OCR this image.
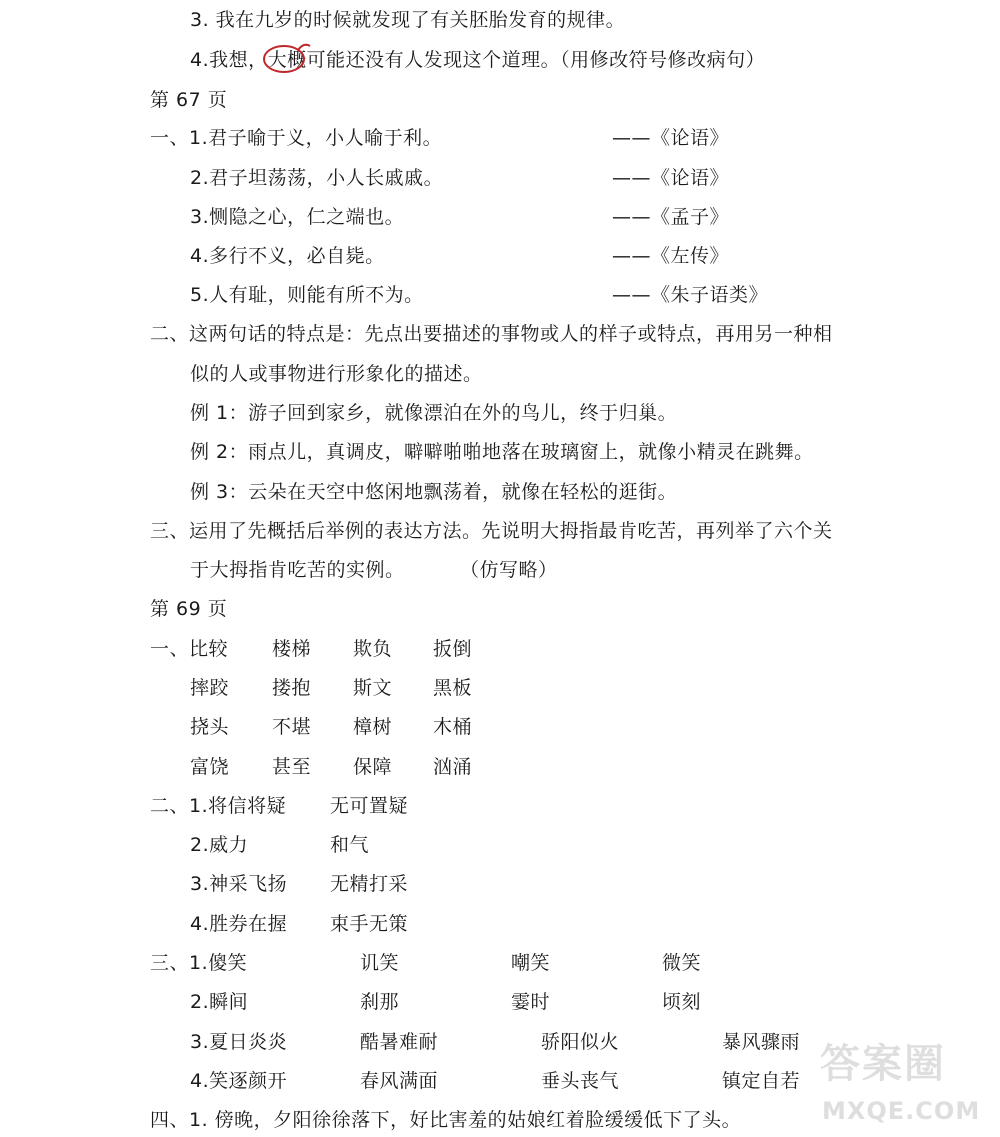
3. 我在九岁的时候就发现了有关胚胎发育的规律。
4.我想，大概
可能还没有人发现这个道理。（用修改符号修改病句）
第 67 页
一、1.君子喻于义，小人喻于利。	——《论语》
2.君子坦荡荡，小人长戚戚。	——《论语》
3.恻隐之心，仁之端也。	——《孟子》
4.多行不义，必自毙。	——《左传》
5.人有耻，则能有所不为。	——《朱子语类》
二、这两句话的特点是：先点出要描述的事物或人的样子或特点，再用另一种相
似的人或事物进行形象化的描述。
例 1：游子回到家乡，就像漂泊在外的鸟儿，终于归巢。
例 2：雨点儿，真调皮，噼噼啪啪地落在玻璃窗上，就像小精灵在跳舞。
例 3：云朵在天空中悠闲地飘荡着，就像在轻松的逛街。
三、运用了先概括后举例的表达方法。先说明大拇指最肯吃苦，再列举了六个关
于大拇指肯吃苦的实例。	（仿写略）
第 69 页
一、比较 楼梯 欺负 扳倒
摔跤 搂抱 斯文 黑板
挠头 不堪 樟树 木桶
富饶 甚至 保障 汹涌
二、1.将信将疑 无可置疑
2.威力	和气
3.神采飞扬 无精打采
4.胜券在握 束手无策
三、1.傻笑	讥笑	嘲笑	微笑
2.瞬间	刹那	霎时	顷刻
3.夏日炎炎	酷暑难耐	骄阳似火	暴风骤雨
4.笑逐颜开	春风满面	垂头丧气	镇定自若
四、1. 傍晚，夕阳徐徐落下，好比害羞的姑娘红着脸缓缓低下了头。
答案圈
MXQE.COM
